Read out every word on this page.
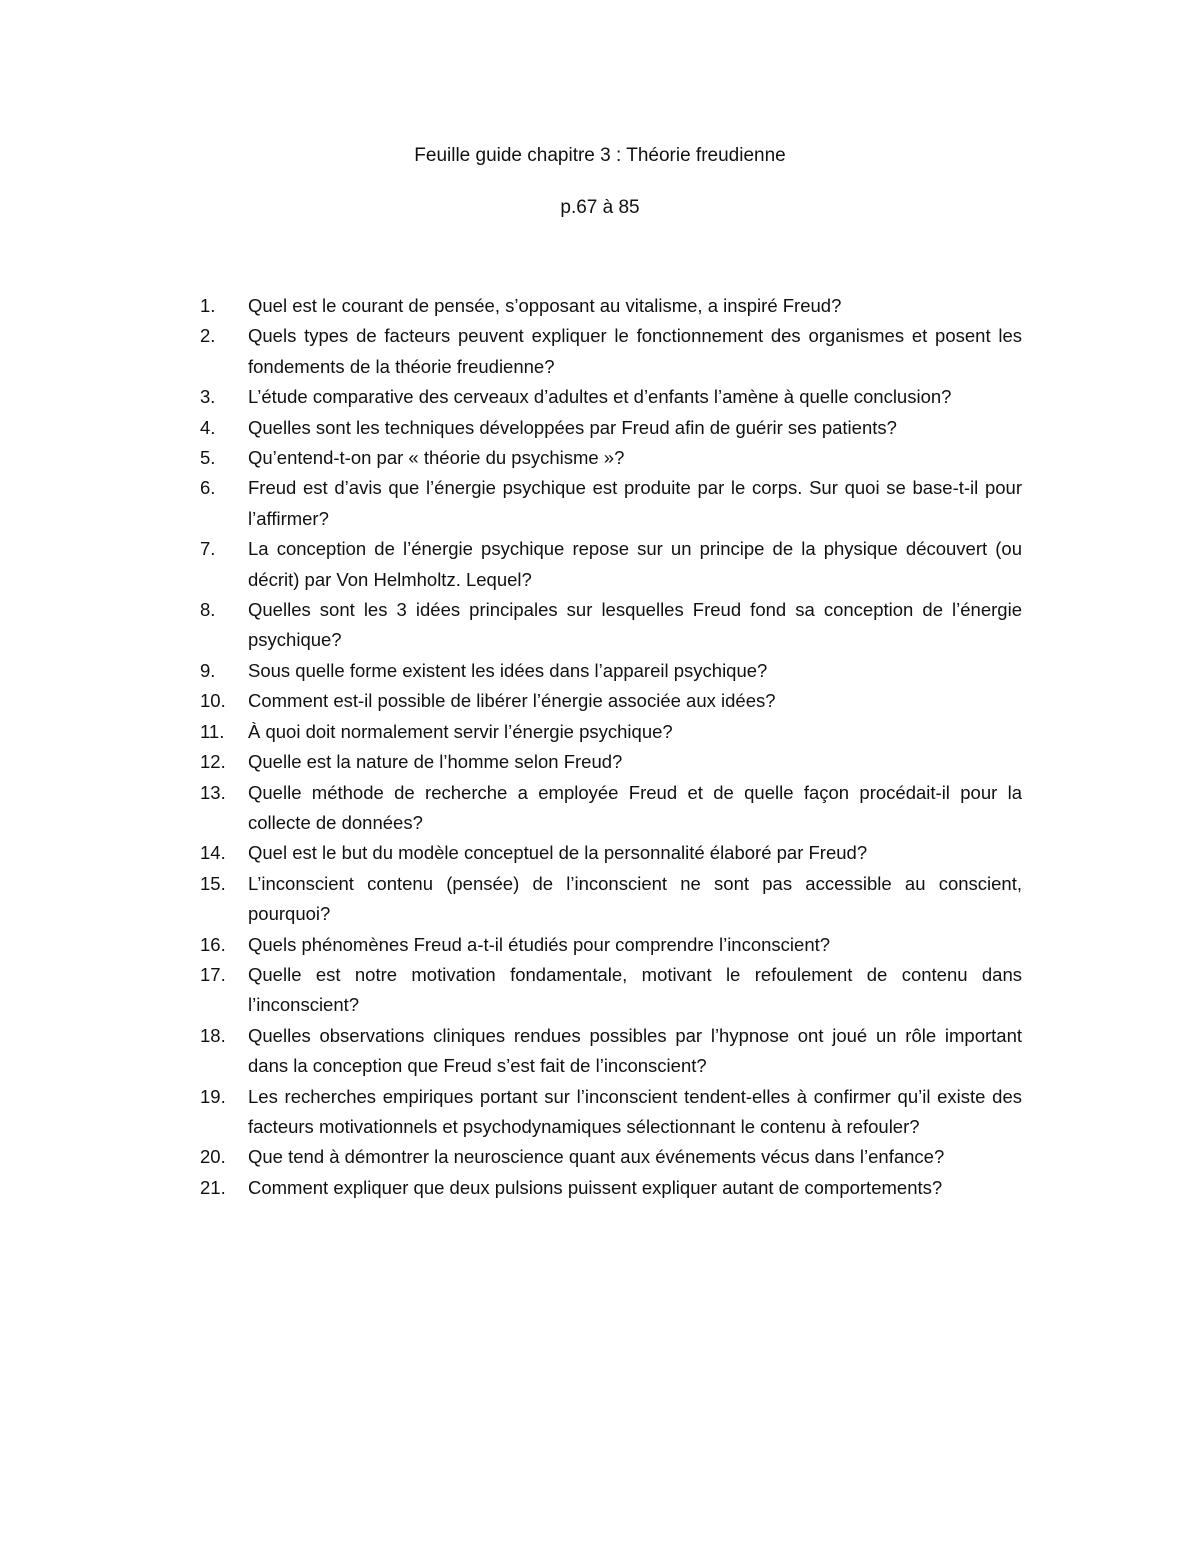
Feuille guide chapitre 3 : Théorie freudienne
p.67 à 85
1.	Quel est le courant de pensée, s’opposant au vitalisme, a inspiré Freud?
2.	Quels types de facteurs peuvent expliquer le fonctionnement des organismes et posent les fondements de la théorie freudienne?
3.	L’étude comparative des cerveaux d’adultes et d’enfants l’amène à quelle conclusion?
4.	Quelles sont les techniques développées par Freud afin de guérir ses patients?
5.	Qu’entend-t-on par « théorie du psychisme »?
6.	Freud est d’avis que l’énergie psychique est produite par le corps. Sur quoi se base-t-il pour l’affirmer?
7.	La conception de l’énergie psychique repose sur un principe de la physique découvert (ou décrit) par Von Helmholtz. Lequel?
8.	Quelles sont les 3 idées principales sur lesquelles Freud fond sa conception de l’énergie psychique?
9.	Sous quelle forme existent les idées dans l’appareil psychique?
10.	Comment est-il possible de libérer l’énergie associée aux idées?
11.	À quoi doit normalement servir l’énergie psychique?
12.	Quelle est la nature de l’homme selon Freud?
13.	Quelle méthode de recherche a employée Freud et de quelle façon procédait-il pour la collecte de données?
14.	Quel est le but du modèle conceptuel de la personnalité élaboré par Freud?
15.	L’inconscient contenu (pensée) de l’inconscient ne sont pas accessible au conscient, pourquoi?
16.	Quels phénomènes Freud a-t-il étudiés pour comprendre l’inconscient?
17.	Quelle est notre motivation fondamentale, motivant le refoulement de contenu dans l’inconscient?
18.	Quelles observations cliniques rendues possibles par l’hypnose ont joué un rôle important dans la conception que Freud s’est fait de l’inconscient?
19.	Les recherches empiriques portant sur l’inconscient tendent-elles à confirmer qu’il existe des facteurs motivationnels et psychodynamiques sélectionnant le contenu à refouler?
20.	Que tend à démontrer la neuroscience quant aux événements vécus dans l’enfance?
21.	Comment expliquer que deux pulsions puissent expliquer autant de comportements?
